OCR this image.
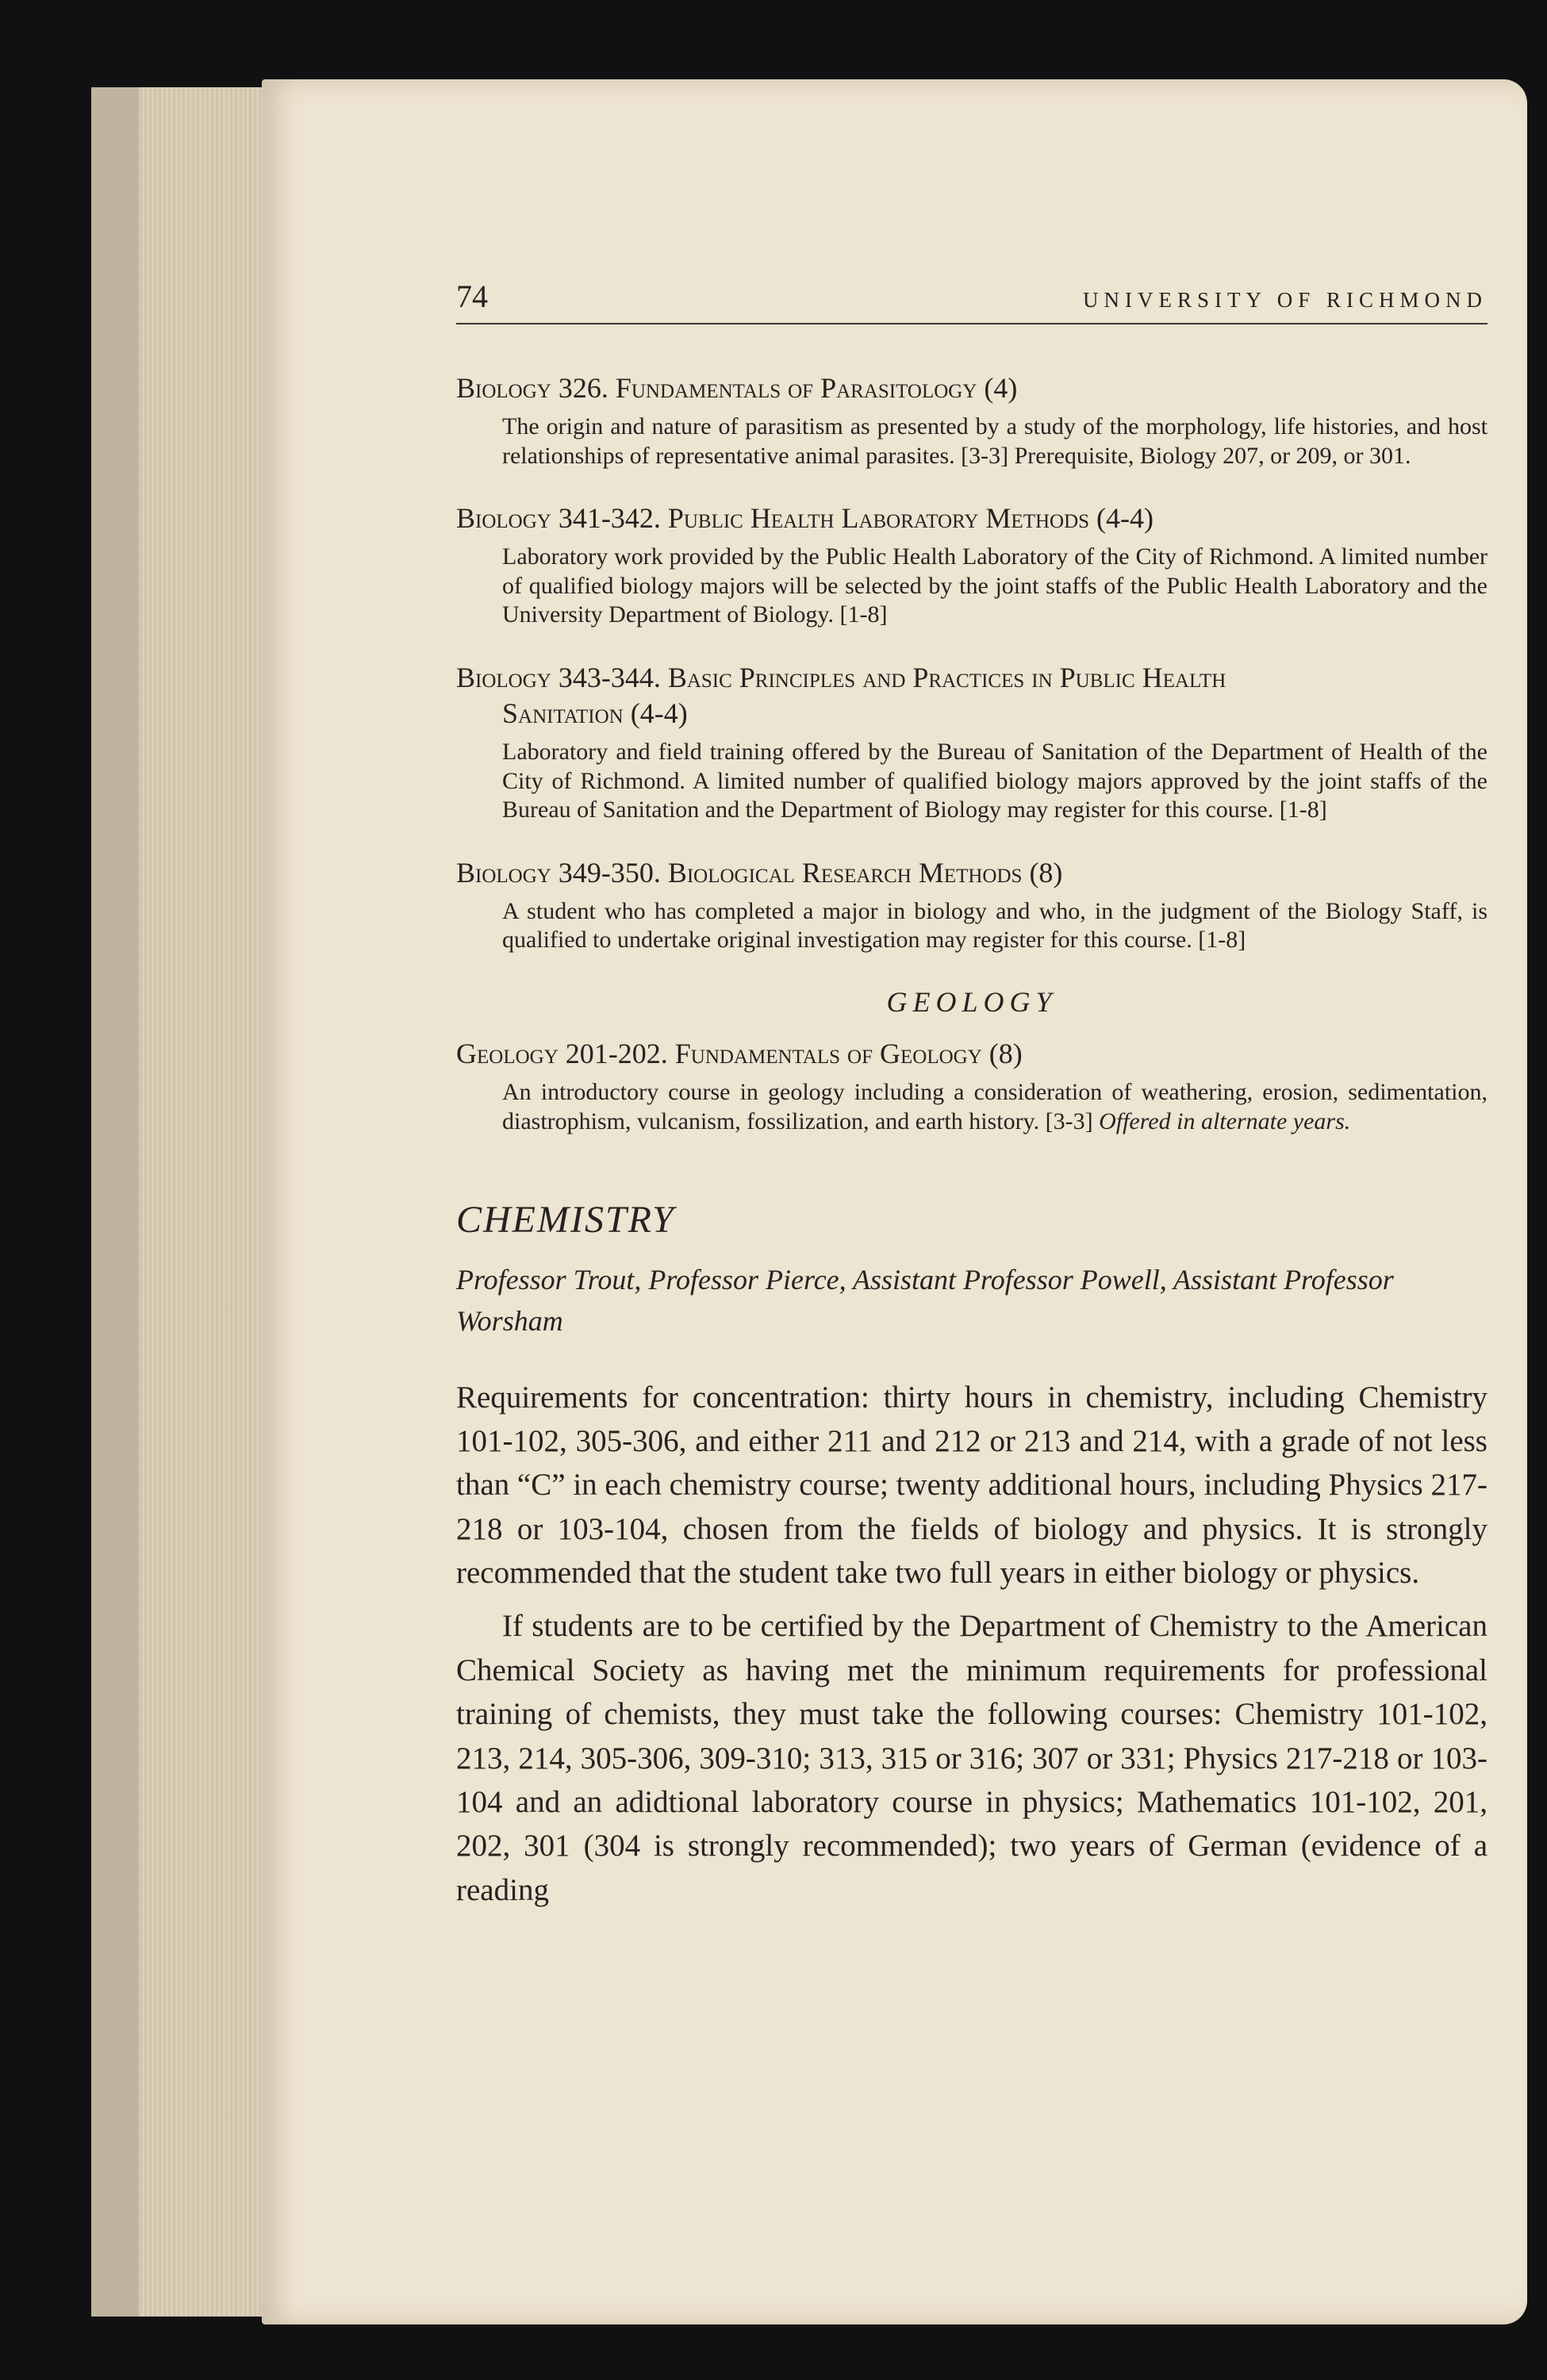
74	UNIVERSITY OF RICHMOND
Biology 326. Fundamentals of Parasitology (4)
The origin and nature of parasitism as presented by a study of the morphology, life histories, and host relationships of representative animal parasites. [3-3] Prerequisite, Biology 207, or 209, or 301.
Biology 341-342. Public Health Laboratory Methods (4-4)
Laboratory work provided by the Public Health Laboratory of the City of Richmond. A limited number of qualified biology majors will be selected by the joint staffs of the Public Health Laboratory and the University Department of Biology. [1-8]
Biology 343-344. Basic Principles and Practices in Public Health
Sanitation (4-4)
Laboratory and field training offered by the Bureau of Sanitation of the Department of Health of the City of Richmond. A limited number of qualified biology majors approved by the joint staffs of the Bureau of Sanitation and the Department of Biology may register for this course. [1-8]
Biology 349-350. Biological Research Methods (8)
A student who has completed a major in biology and who, in the judgment of the Biology Staff, is qualified to undertake original investigation may register for this course. [1-8]
GEOLOGY
Geology 201-202. Fundamentals of Geology (8)
An introductory course in geology including a consideration of weathering, erosion, sedimentation, diastrophism, vulcanism, fossilization, and earth history. [3-3] Offered in alternate years.
CHEMISTRY
Professor Trout, Professor Pierce, Assistant Professor Powell, Assistant Professor Worsham

Requirements for concentration: thirty hours in chemistry, including Chemistry 101-102, 305-306, and either 211 and 212 or 213 and 214, with a grade of not less than “C” in each chemistry course; twenty additional hours, including Physics 217-218 or 103-104, chosen from the fields of biology and physics. It is strongly recommended that the student take two full years in either biology or physics.

If students are to be certified by the Department of Chemistry to the American Chemical Society as having met the minimum requirements for professional training of chemists, they must take the following courses: Chemistry 101-102, 213, 214, 305-306, 309-310; 313, 315 or 316; 307 or 331; Physics 217-218 or 103-104 and an adidtional laboratory course in physics; Mathematics 101-102, 201, 202, 301 (304 is strongly recommended); two years of German (evidence of a reading
